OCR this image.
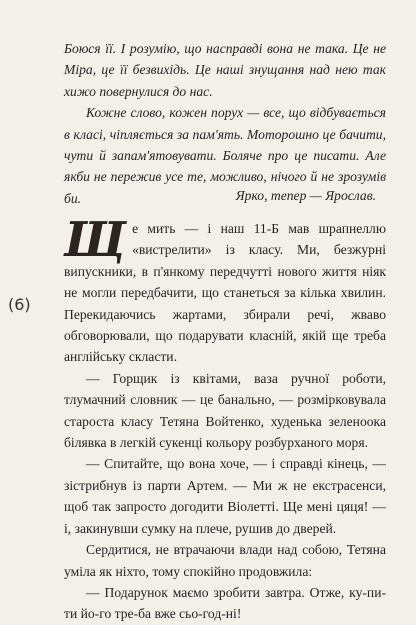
Боюся її. І розумію, що насправді вона не така. Це не Міра, це її безвихідь. Це наші знущання над нею так хижо повернулися до нас.

Кожне слово, кожен порух — все, що відбувається в класі, чіпляється за пам'ять. Моторошно це бачити, чути й запам'ятовувати. Боляче про це писати. Але якби не пережив усе те, можливо, нічого й не зрозумів би.	Ярко, тепер — Ярослав.
(6)

Ще мить — і наш 11-Б мав шрапнеллю «вистрелити» із класу. Ми, безжурні випускники, в п'янкому передчутті нового життя ніяк не могли передбачити, що станеться за кілька хвилин. Перекидаючись жартами, збирали речі, жваво обговорювали, що подарувати класній, якій ще треба англійську скласти.

— Горщик із квітами, ваза ручної роботи, тлумачний словник — це банально, — розмірковувала староста класу Тетяна Войтенко, худенька зеленоока білявка в легкій сукенці кольору розбурханого моря.

— Спитайте, що вона хоче, — і справді кінець, — зістрибнув із парти Артем. — Ми ж не екстрасенси, щоб так запросто догодити Віолетті. Ще мені цяця! — і, закинувши сумку на плече, рушив до дверей.

Сердитися, не втрачаючи влади над собою, Тетяна уміла як ніхто, тому спокійно продовжила:

— Подарунок маємо зробити завтра. Отже, ку-пи-ти йо-го тре-ба вже сьо-год-ні!
